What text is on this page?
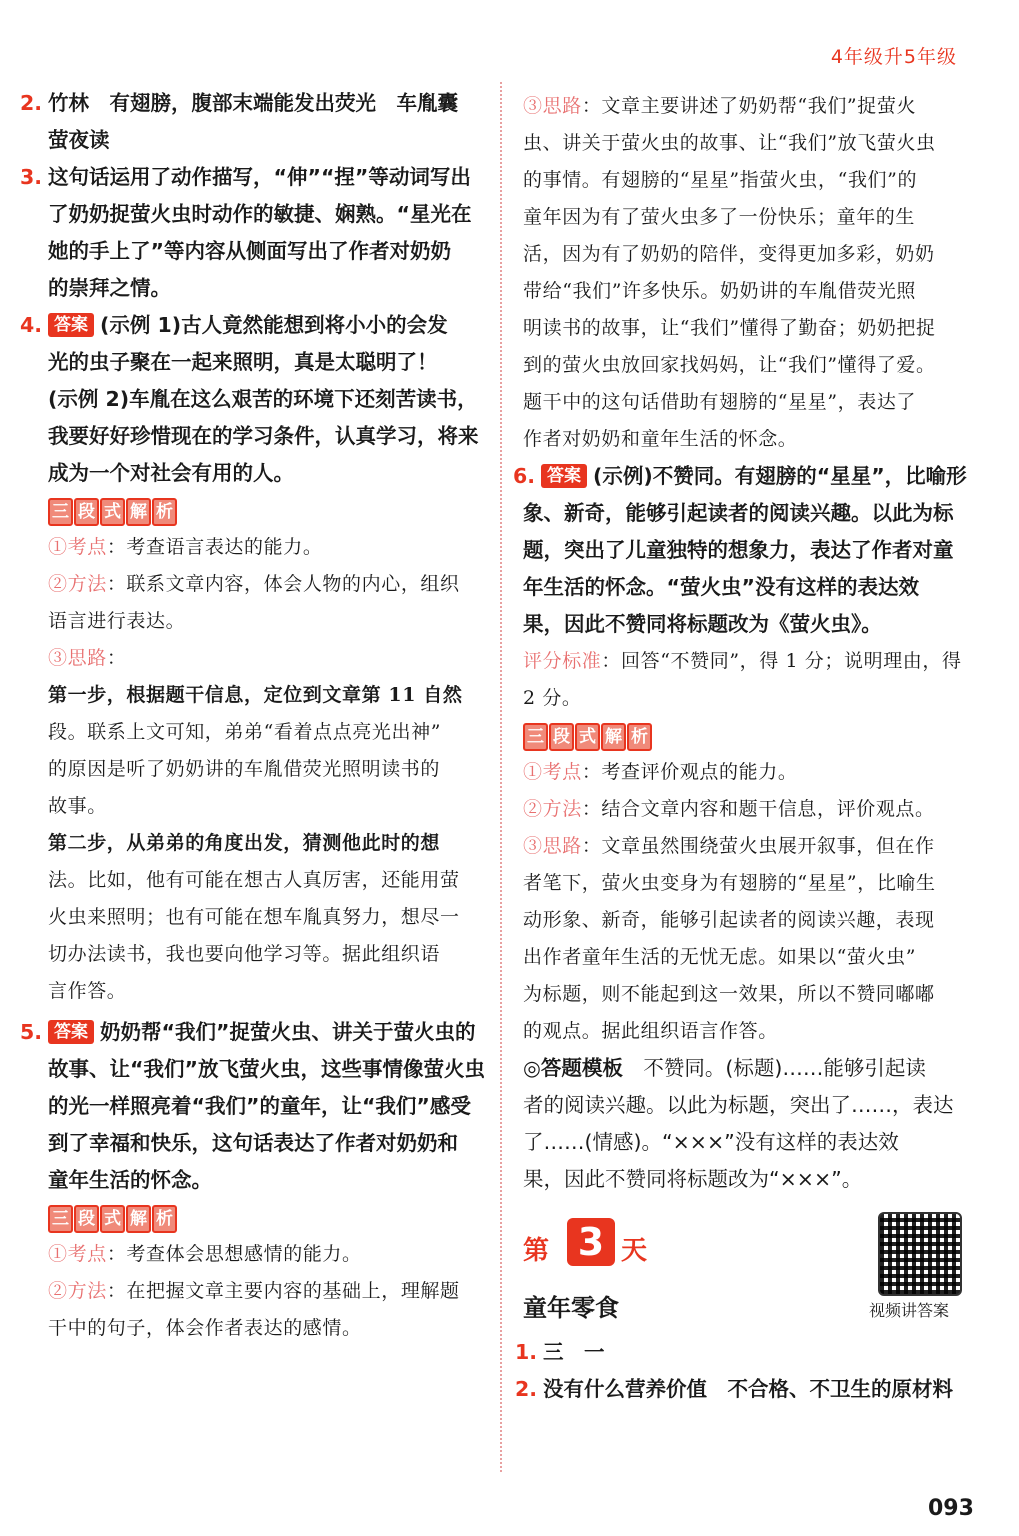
4年级升5年级
2. 竹林　有翅膀，腹部末端能发出荧光　车胤囊
萤夜读
3. 这句话运用了动作描写，“伸”“捏”等动词写出
了奶奶捉萤火虫时动作的敏捷、娴熟。“星光在
她的手上了”等内容从侧面写出了作者对奶奶
的崇拜之情。
4. 答案 (示例 1)古人竟然能想到将小小的会发
光的虫子聚在一起来照明，真是太聪明了！
(示例 2)车胤在这么艰苦的环境下还刻苦读书，
我要好好珍惜现在的学习条件，认真学习，将来
成为一个对社会有用的人。
三 段 式 解 析
①考点：考查语言表达的能力。
②方法：联系文章内容，体会人物的内心，组织
语言进行表达。
③思路：
第一步，根据题干信息，定位到文章第 11 自然
段。联系上文可知，弟弟“看着点点亮光出神”
的原因是听了奶奶讲的车胤借荧光照明读书的
故事。
第二步，从弟弟的角度出发，猜测他此时的想
法。比如，他有可能在想古人真厉害，还能用萤
火虫来照明；也有可能在想车胤真努力，想尽一
切办法读书，我也要向他学习等。据此组织语
言作答。
5. 答案 奶奶帮“我们”捉萤火虫、讲关于萤火虫的
故事、让“我们”放飞萤火虫，这些事情像萤火虫
的光一样照亮着“我们”的童年，让“我们”感受
到了幸福和快乐，这句话表达了作者对奶奶和
童年生活的怀念。
三 段 式 解 析
①考点：考查体会思想感情的能力。
②方法：在把握文章主要内容的基础上，理解题
干中的句子，体会作者表达的感情。
③思路：文章主要讲述了奶奶帮“我们”捉萤火
虫、讲关于萤火虫的故事、让“我们”放飞萤火虫
的事情。有翅膀的“星星”指萤火虫，“我们”的
童年因为有了萤火虫多了一份快乐；童年的生
活，因为有了奶奶的陪伴，变得更加多彩，奶奶
带给“我们”许多快乐。奶奶讲的车胤借荧光照
明读书的故事，让“我们”懂得了勤奋；奶奶把捉
到的萤火虫放回家找妈妈，让“我们”懂得了爱。
题干中的这句话借助有翅膀的“星星”，表达了
作者对奶奶和童年生活的怀念。
6. 答案 (示例)不赞同。有翅膀的“星星”，比喻形
象、新奇，能够引起读者的阅读兴趣。以此为标
题，突出了儿童独特的想象力，表达了作者对童
年生活的怀念。“萤火虫”没有这样的表达效
果，因此不赞同将标题改为《萤火虫》。
评分标准：回答“不赞同”，得 1 分；说明理由，得
2 分。
三 段 式 解 析
①考点：考查评价观点的能力。
②方法：结合文章内容和题干信息，评价观点。
③思路：文章虽然围绕萤火虫展开叙事，但在作
者笔下，萤火虫变身为有翅膀的“星星”，比喻生
动形象、新奇，能够引起读者的阅读兴趣，表现
出作者童年生活的无忧无虑。如果以“萤火虫”
为标题，则不能起到这一效果，所以不赞同嘟嘟
的观点。据此组织语言作答。
◎答题模板　不赞同。(标题)……能够引起读
者的阅读兴趣。以此为标题，突出了……，表达
了……(情感)。“×××”没有这样的表达效
果，因此不赞同将标题改为“×××”。
第 3 天
视频讲答案
童年零食
1. 三　一
2. 没有什么营养价值　不合格、不卫生的原材料
093
